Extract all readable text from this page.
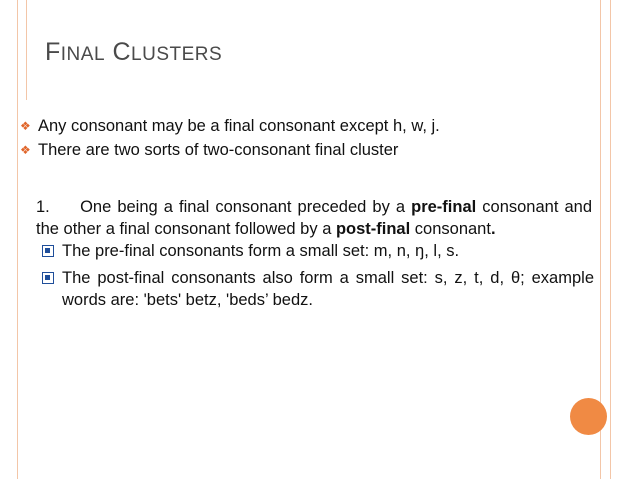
FINAL CLUSTERS
❖ Any consonant may be a final consonant except h, w, j.
❖ There are two sorts of two-consonant final cluster
1. One being a final consonant preceded by a pre-final consonant and the other a final consonant followed by a post-final consonant.
The pre-final consonants form a small set: m, n, ŋ, l, s.
The post-final consonants also form a small set: s, z, t, d, θ; example words are: 'bets' betz, 'beds’ bedz.
